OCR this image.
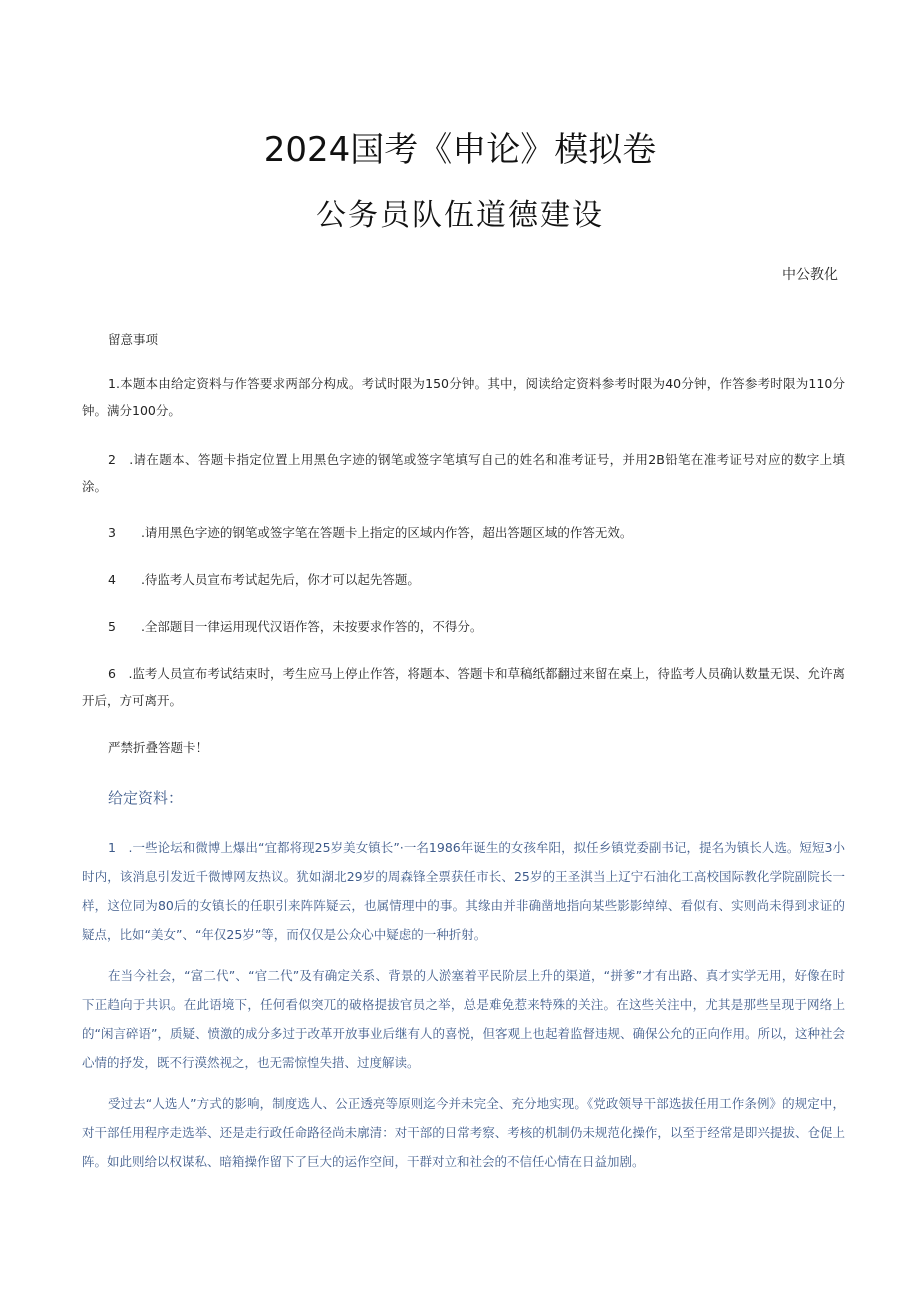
2024国考《申论》模拟卷
公务员队伍道德建设
中公教化
留意事项
1.本题本由给定资料与作答要求两部分构成。考试时限为150分钟。其中，阅读给定资料参考时限为40分钟，作答参考时限为110分钟。满分100分。
2　.请在题本、答题卡指定位置上用黑色字迹的钢笔或签字笔填写自己的姓名和准考证号，并用2B铅笔在准考证号对应的数字上填涂。
3　　.请用黑色字迹的钢笔或签字笔在答题卡上指定的区域内作答，超出答题区域的作答无效。
4　　.待监考人员宣布考试起先后，你才可以起先答题。
5　　.全部题目一律运用现代汉语作答，未按要求作答的，不得分。
6　.监考人员宣布考试结束时，考生应马上停止作答，将题本、答题卡和草稿纸都翻过来留在桌上，待监考人员确认数量无误、允许离开后，方可离开。
严禁折叠答题卡！
给定资料：
1　.一些论坛和微博上爆出“宜都将现25岁美女镇长”·一名1986年诞生的女孩牟阳，拟任乡镇党委副书记，提名为镇长人选。短短3小时内，该消息引发近千微博网友热议。犹如湖北29岁的周森锋全票获任市长、25岁的王圣淇当上辽宁石油化工高校国际教化学院副院长一样，这位同为80后的女镇长的任职引来阵阵疑云，也属情理中的事。其缘由并非确凿地指向某些影影绰绰、看似有、实则尚未得到求证的疑点，比如“美女”、“年仅25岁”等，而仅仅是公众心中疑虑的一种折射。
在当今社会，“富二代”、“官二代”及有确定关系、背景的人淤塞着平民阶层上升的渠道，“拼爹”才有出路、真才实学无用，好像在时下正趋向于共识。在此语境下，任何看似突兀的破格提拔官员之举，总是难免惹来特殊的关注。在这些关注中，尤其是那些呈现于网络上的“闲言碎语”，质疑、愤激的成分多过于改革开放事业后继有人的喜悦，但客观上也起着监督违规、确保公允的正向作用。所以，这种社会心情的抒发，既不行漠然视之，也无需惊惶失措、过度解读。
受过去“人选人”方式的影响，制度选人、公正透亮等原则迄今并未完全、充分地实现。《党政领导干部选拔任用工作条例》的规定中，对干部任用程序走选举、还是走行政任命路径尚未廓清：对干部的日常考察、考核的机制仍未规范化操作，以至于经常是即兴提拔、仓促上阵。如此则给以权谋私、暗箱操作留下了巨大的运作空间，干群对立和社会的不信任心情在日益加剧。
